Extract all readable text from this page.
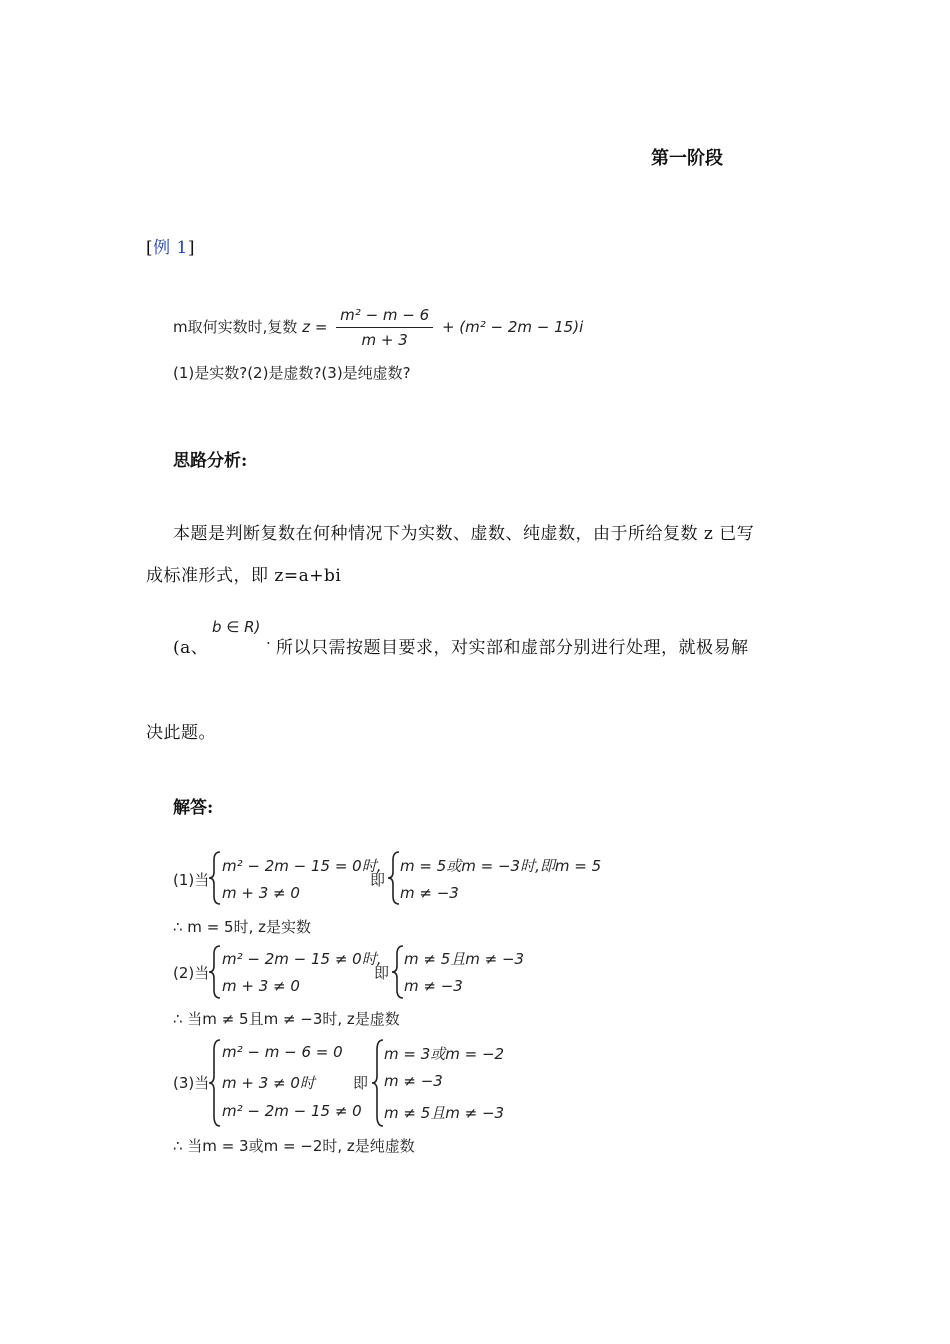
第一阶段
[例 1]
m取何实数时,复数 $z = \frac{\text{m² − m − 6}}{m + 3} + (m^2 - 2m - 15)i$
(1)是实数?(2)是虚数?(3)是纯虚数?
思路分析:
本题是判断复数在何种情况下为实数、虚数、纯虚数，由于所给复数 z 已写
成标准形式，即 z=a+bi
(a、
b ∈ R)
. 所以只需按题目要求，对实部和虚部分别进行处理，就极易解
决此题。
解答:
(1)当
m² − 2m − 15 = 0时,
m + 3 ≠ 0
即
m = 5或m = −3时,即m = 5
m ≠ −3
∴ m = 5时, z是实数
(2)当
m² − 2m − 15 ≠ 0时,
m + 3 ≠ 0
即
m ≠ 5且m ≠ −3
m ≠ −3
∴ 当m ≠ 5且m ≠ −3时, z是虚数
(3)当
m² − m − 6 = 0
m + 3 ≠ 0时
m² − 2m − 15 ≠ 0
即
m = 3或m = −2
m ≠ −3
m ≠ 5且m ≠ −3
∴ 当m = 3或m = −2时, z是纯虚数
